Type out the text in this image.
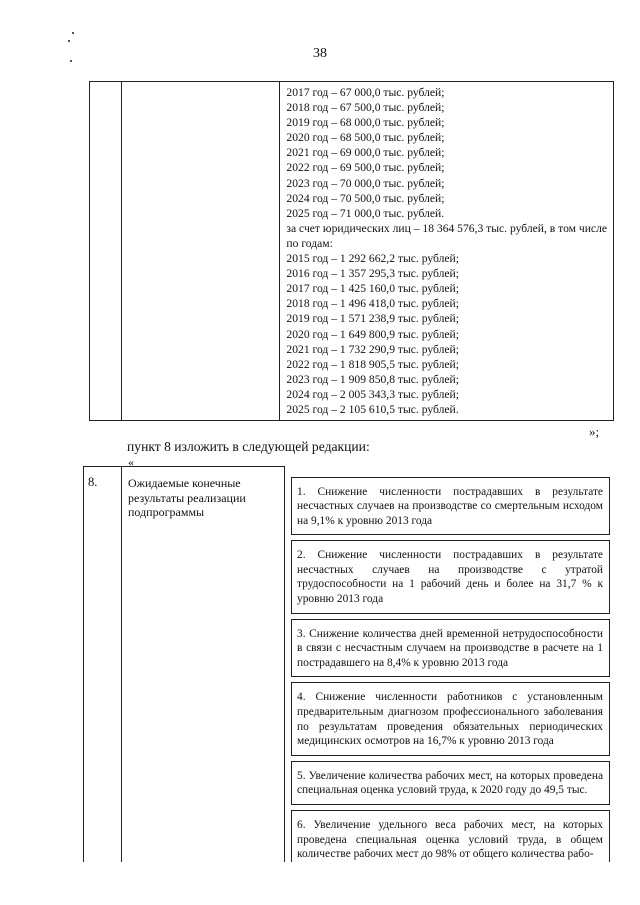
38

2017 год – 67 000,0 тыс. рублей;
2018 год – 67 500,0 тыс. рублей;
2019 год – 68 000,0 тыс. рублей;
2020 год – 68 500,0 тыс. рублей;
2021 год – 69 000,0 тыс. рублей;
2022 год – 69 500,0 тыс. рублей;
2023 год – 70 000,0 тыс. рублей;
2024 год – 70 500,0 тыс. рублей;
2025 год – 71 000,0 тыс. рублей.
за счет юридических лиц – 18 364 576,3 тыс. рублей, в том числе по годам:
2015 год – 1 292 662,2 тыс. рублей;
2016 год – 1 357 295,3 тыс. рублей;
2017 год – 1 425 160,0 тыс. рублей;
2018 год – 1 496 418,0 тыс. рублей;
2019 год – 1 571 238,9 тыс. рублей;
2020 год – 1 649 800,9 тыс. рублей;
2021 год – 1 732 290,9 тыс. рублей;
2022 год – 1 818 905,5 тыс. рублей;
2023 год – 1 909 850,8 тыс. рублей;
2024 год – 2 005 343,3 тыс. рублей;
2025 год – 2 105 610,5 тыс. рублей.
»;
пункт 8 изложить в следующей редакции:
«
8.	Ожидаемые конечные результаты реализации подпрограммы	
1. Снижение численности пострадавших в результате несчастных случаев на производстве со смертельным исходом на 9,1% к уровню 2013 года
2. Снижение численности пострадавших в результате несчастных случаев на производстве с утратой трудоспособности на 1 рабочий день и более на 31,7 % к уровню 2013 года
3. Снижение количества дней временной нетрудоспособности в связи с несчастным случаем на производстве в расчете на 1 пострадавшего на 8,4% к уровню 2013 года
4. Снижение численности работников с установленным предварительным диагнозом профессионального заболевания по результатам проведения обязательных периодических медицинских осмотров на 16,7% к уровню 2013 года
5. Увеличение количества рабочих мест, на которых проведена специальная оценка условий труда, к 2020 году до 49,5 тыс.
6. Увеличение удельного веса рабочих мест, на которых проведена специальная оценка условий труда, в общем количестве рабочих мест до 98% от общего количества рабо-
